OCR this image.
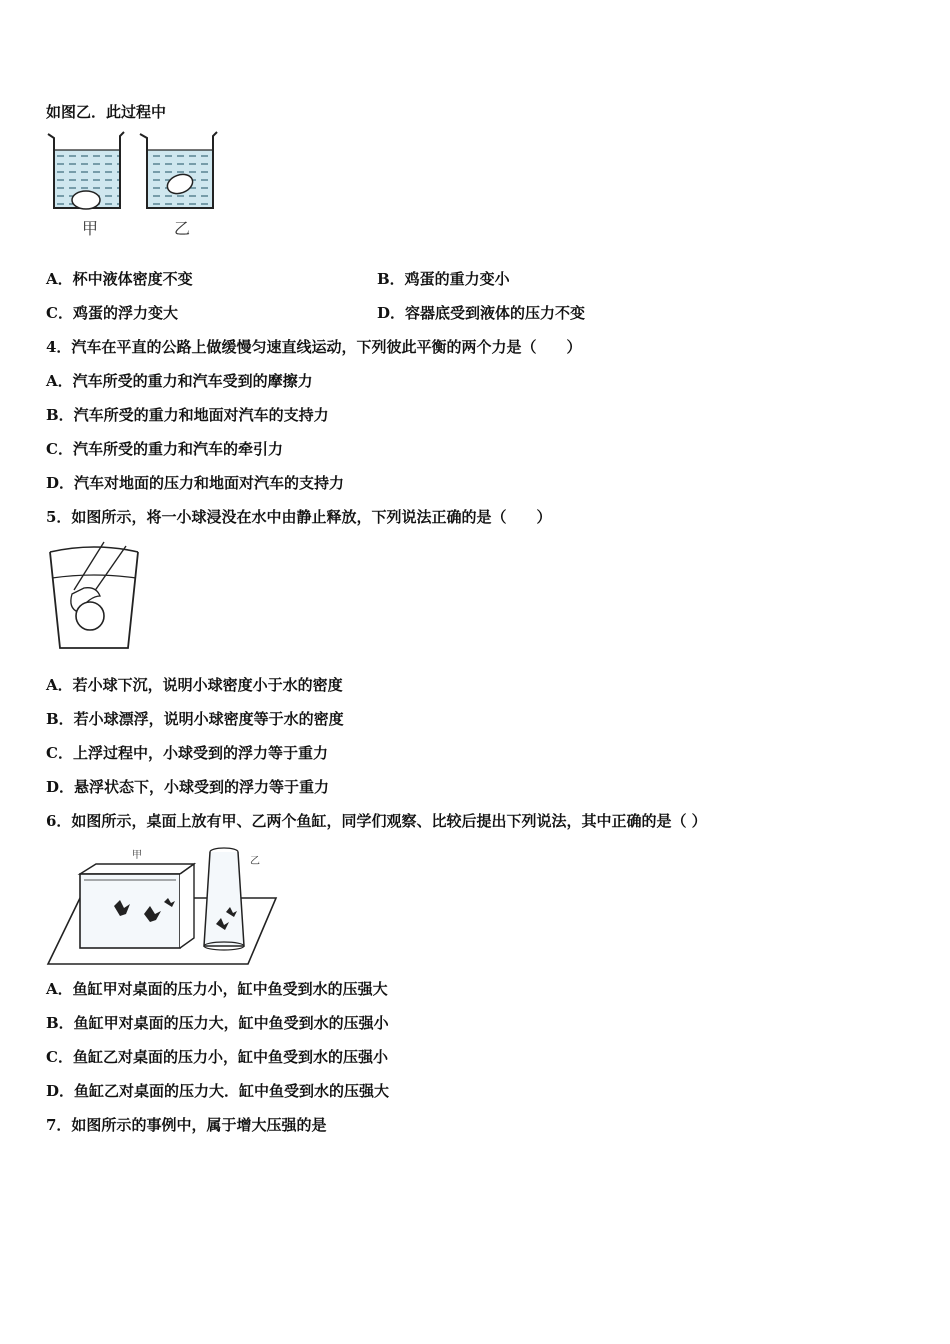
如图乙．此过程中
甲	乙
A．杯中液体密度不变	B．鸡蛋的重力变小
C．鸡蛋的浮力变大	D．容器底受到液体的压力不变
4．汽车在平直的公路上做缓慢匀速直线运动，下列彼此平衡的两个力是（　　）
A．汽车所受的重力和汽车受到的摩擦力
B．汽车所受的重力和地面对汽车的支持力
C．汽车所受的重力和汽车的牵引力
D．汽车对地面的压力和地面对汽车的支持力
5．如图所示，将一小球浸没在水中由静止释放，下列说法正确的是（　　）
A．若小球下沉，说明小球密度小于水的密度
B．若小球漂浮，说明小球密度等于水的密度
C．上浮过程中，小球受到的浮力等于重力
D．悬浮状态下，小球受到的浮力等于重力
6．如图所示，桌面上放有甲、乙两个鱼缸，同学们观察、比较后提出下列说法，其中正确的是（ ）
甲
乙
A．鱼缸甲对桌面的压力小，缸中鱼受到水的压强大
B．鱼缸甲对桌面的压力大，缸中鱼受到水的压强小
C．鱼缸乙对桌面的压力小，缸中鱼受到水的压强小
D．鱼缸乙对桌面的压力大．缸中鱼受到水的压强大
7．如图所示的事例中，属于增大压强的是
